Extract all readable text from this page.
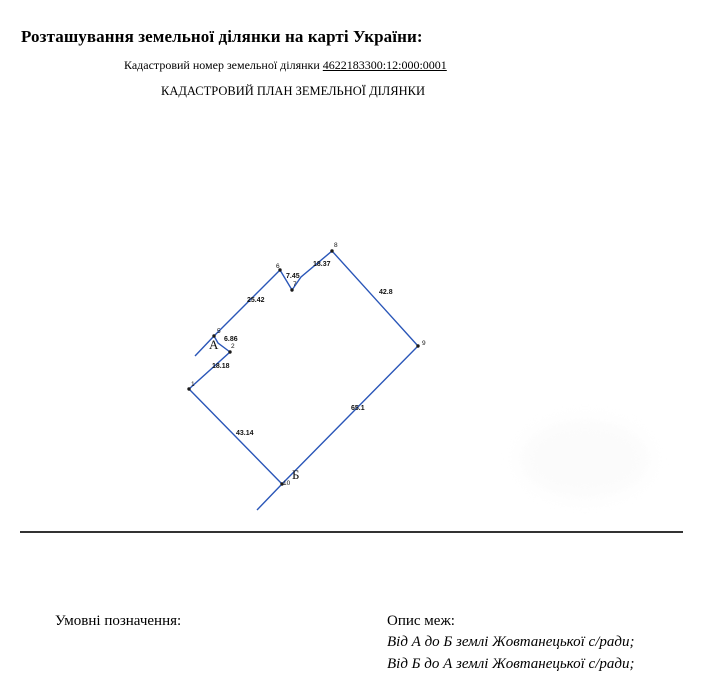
Розташування земельної ділянки на карті України:
Кадастровий номер земельної ділянки 4622183300:12:000:0001
КАДАСТРОВИЙ ПЛАН ЗЕМЕЛЬНОЇ ДІЛЯНКИ
18.18
6.86
25.42
7.45
18.37
42.8
65.1
43.14
1
2
5
6
7
8
9
10
А
Б
Умовні позначення:	Опис меж:
Від А до Б землі Жовтанецької с/ради;
Від Б до А землі Жовтанецької с/ради;
